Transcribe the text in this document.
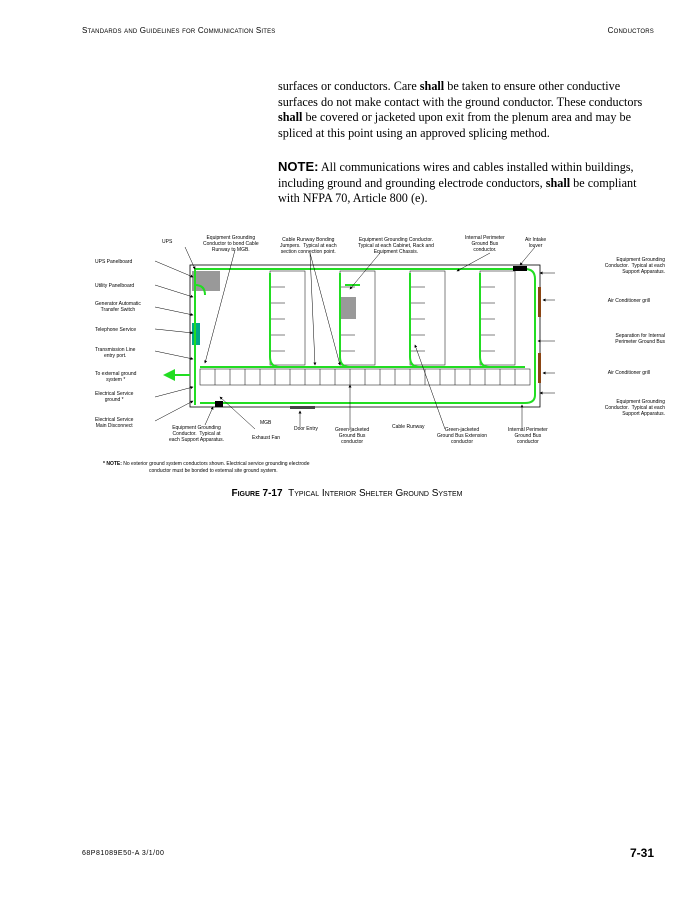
Standards and Guidelines for Communication Sites	Conductors
surfaces or conductors. Care shall be taken to ensure other conductive surfaces do not make contact with the ground conductor. These conductors shall be covered or jacketed upon exit from the plenum area and may be spliced at this point using an approved splicing method.
NOTE: All communications wires and cables installed within buildings, including ground and grounding electrode conductors, shall be compliant with NFPA 70, Article 800 (e).
UPS
Equipment Grounding
Conductor to bond Cable
Runway to MGB.
Cable Runway Bonding
Jumpers.  Typical at each
section connection point.
Equipment Grounding Conductor.
Typical at each Cabinet, Rack and
Equipment Chassis.
Internal Perimeter
Ground Bus
conductor.
Air Intake
louver
UPS Panelboard
Utility Panelboard
Generator Automatic
Transfer Switch
Telephone Service
Transmission Line
entry port.
To external ground
system *
Electrical Service
ground *
Electrical Service
Main Disconnect
Equipment Grounding
Conductor.  Typical at each
Support Apparatus.
Air Conditioner grill
Separation for Internal
Perimeter Ground Bus
Air Conditioner grill
Equipment Grounding
Conductor.  Typical at each
Support Apparatus.
Equipment Grounding
Conductor.  Typical at
each Support Apparatus.
MGB
Exhaust Fan
Door Entry	Green-jacketed
Ground Bus
conductor
Cable Runway	Green-jacketed
Ground Bus Extension
conductor
Internal Perimeter
Ground Bus
conductor
* NOTE: No exterior ground system conductors shown. Electrical service grounding electrode
conductor must be bonded to external site ground system.
Figure 7-17 Typical Interior Shelter Ground System
68P81089E50-A 3/1/00	7-31
